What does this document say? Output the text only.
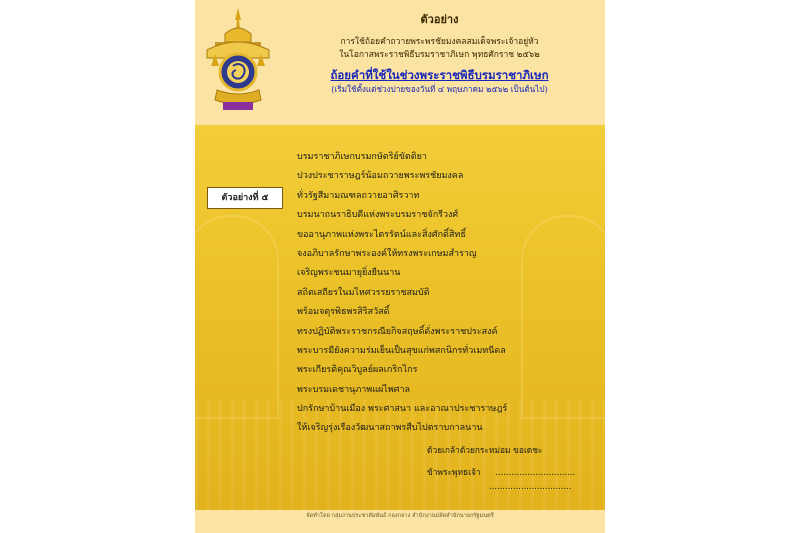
ตัวอย่าง
การใช้ถ้อยคำถวายพระพรชัยมงคลสมเด็จพระเจ้าอยู่หัว
ในโอกาสพระราชพิธีบรมราชาภิเษก พุทธศักราช ๒๕๖๒
ถ้อยคำที่ใช้ในช่วงพระราชพิธีบรมราชาภิเษก
(เริ่มใช้ตั้งแต่ช่วงบ่ายของวันที่ ๔ พฤษภาคม ๒๕๖๒ เป็นต้นไป)
ตัวอย่างที่ ๕
บรมราชาภิเษกบรมกษัตริย์ขัตติยา
ปวงประชาราษฎร์น้อมถวายพระพรชัยมงคล
ทั่วรัฐสีมามณฑลถวายอาศิรวาท
บรมนาถนราธิบดีแห่งพระบรมราชจักรีวงศ์
ขออานุภาพแห่งพระไตรรัตน์และสิ่งศักดิ์สิทธิ์
จงอภิบาลรักษาพระองค์ให้ทรงพระเกษมสำราญ
เจริญพระชนมายุยิ่งยืนนาน
สถิตเสถียรในมไหศวรรยราชสมบัติ
พร้อมจตุรพิธพรสิริสวัสดิ์
ทรงปฏิบัติพระราชกรณียกิจสฤษดิ์ดั่งพระราชประสงค์
พระบารมียังความร่มเย็นเป็นสุขแก่พสกนิกรทั่วเมทนีดล
พระเกียรติคุณวิบูลย์ผลเกริกไกร
พระบรมเดชานุภาพแผ่ไพศาล
ปกรักษาบ้านเมือง พระศาสนา และอาณาประชาราษฎร์
ให้เจริญรุ่งเรืองวัฒนาสถาพรสืบไปตราบกาลนาน
ด้วยเกล้าด้วยกระหม่อม ขอเดชะ
ข้าพระพุทธเจ้า ..............................
...............................
จัดทำโดย กลุ่มงานประชาสัมพันธ์ กองกลาง สำนักงานปลัดสำนักนายกรัฐมนตรี
